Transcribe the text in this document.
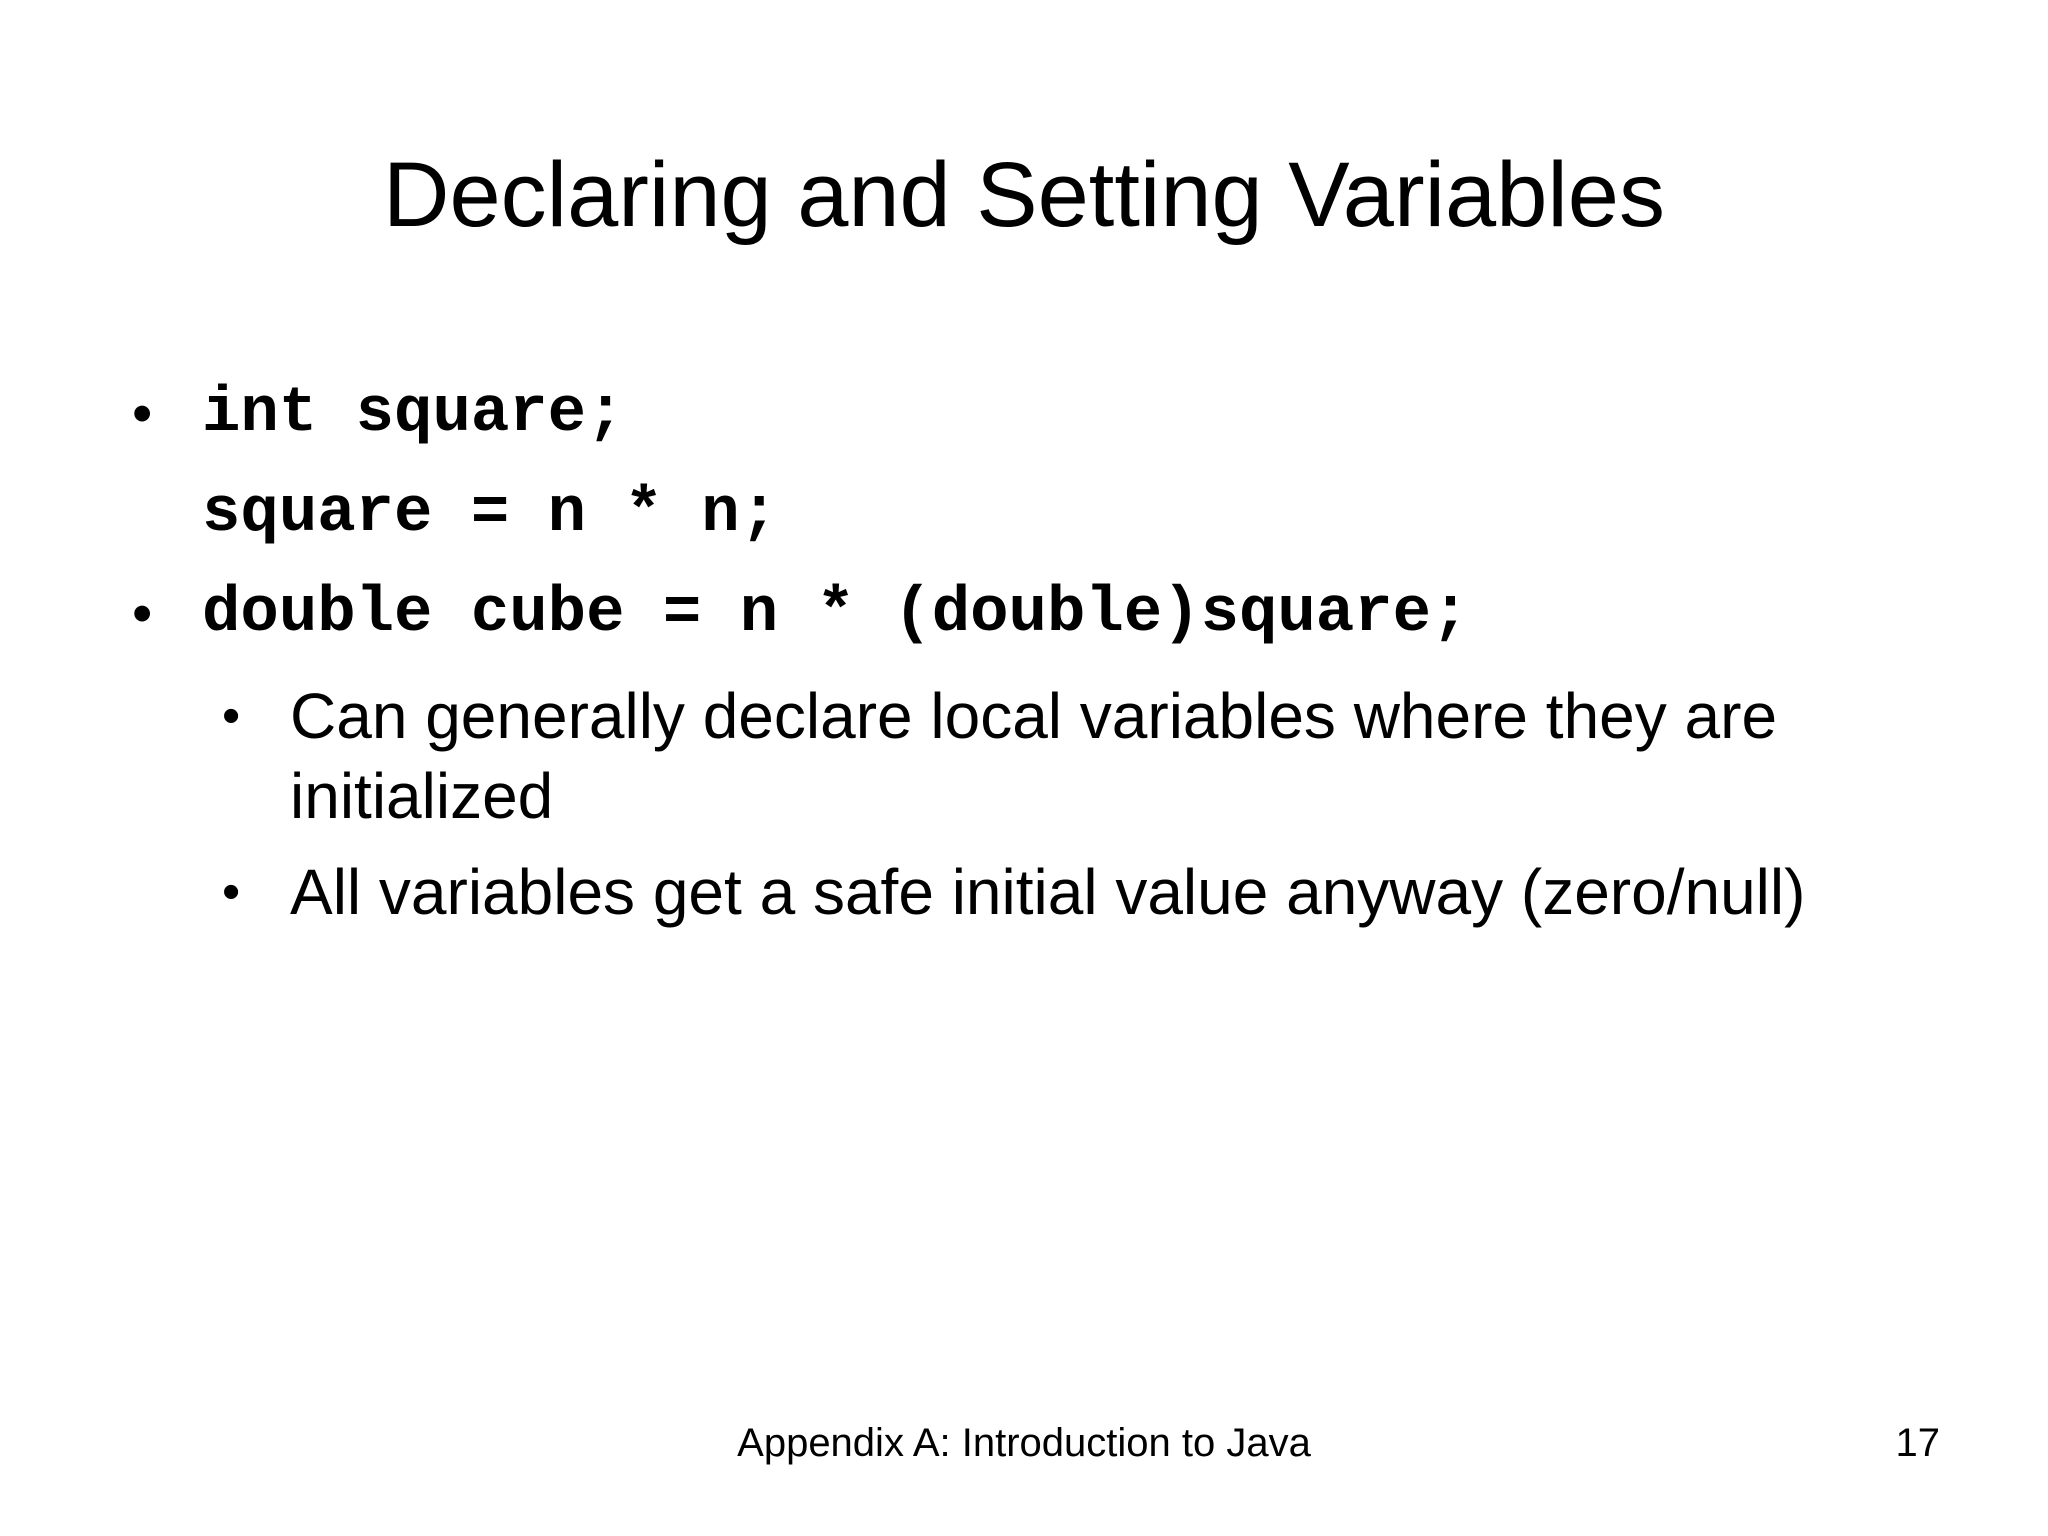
Declaring and Setting Variables
• int square;
square = n * n;
• double cube = n * (double)square;
• Can generally declare local variables where they are
initialized
• All variables get a safe initial value anyway (zero/null)
Appendix A: Introduction to Java	17
